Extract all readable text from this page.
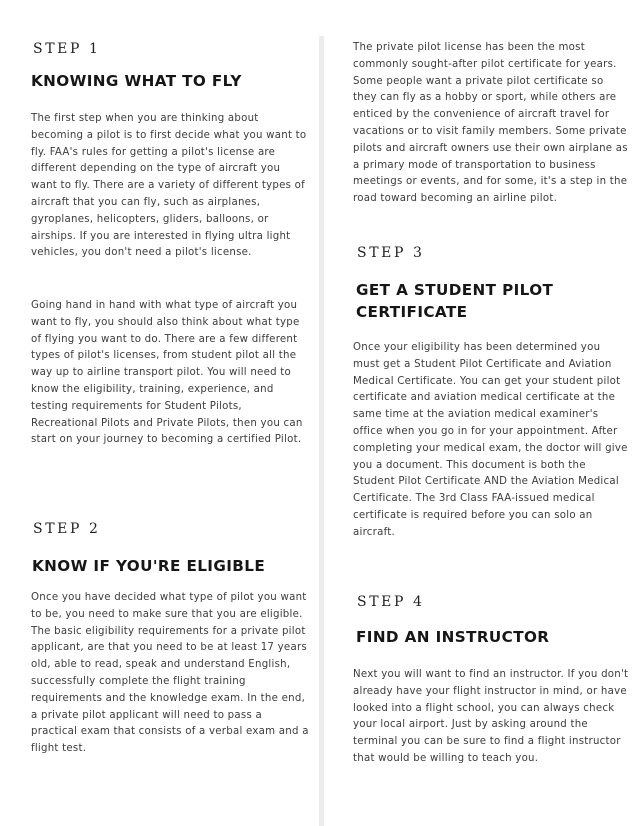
STEP 1
KNOWING WHAT TO FLY

The first step when you are thinking about becoming a pilot is to first decide what you want to fly. FAA's rules for getting a pilot's license are different depending on the type of aircraft you want to fly. There are a variety of different types of aircraft that you can fly, such as airplanes, gyroplanes, helicopters, gliders, balloons, or airships. If you are interested in flying ultra light vehicles, you don't need a pilot's license.

Going hand in hand with what type of aircraft you want to fly, you should also think about what type of flying you want to do. There are a few different types of pilot's licenses, from student pilot all the way up to airline transport pilot. You will need to know the eligibility, training, experience, and testing requirements for Student Pilots, Recreational Pilots and Private Pilots, then you can start on your journey to becoming a certified Pilot.

STEP 2
KNOW IF YOU'RE ELIGIBLE

Once you have decided what type of pilot you want to be, you need to make sure that you are eligible. The basic eligibility requirements for a private pilot applicant, are that you need to be at least 17 years old, able to read, speak and understand English, successfully complete the flight training requirements and the knowledge exam. In the end, a private pilot applicant will need to pass a practical exam that consists of a verbal exam and a flight test.

The private pilot license has been the most commonly sought-after pilot certificate for years. Some people want a private pilot certificate so they can fly as a hobby or sport, while others are enticed by the convenience of aircraft travel for vacations or to visit family members. Some private pilots and aircraft owners use their own airplane as a primary mode of transportation to business meetings or events, and for some, it's a step in the road toward becoming an airline pilot.

STEP 3
GET A STUDENT PILOT CERTIFICATE

Once your eligibility has been determined you must get a Student Pilot Certificate and Aviation Medical Certificate. You can get your student pilot certificate and aviation medical certificate at the same time at the aviation medical examiner's office when you go in for your appointment. After completing your medical exam, the doctor will give you a document. This document is both the Student Pilot Certificate AND the Aviation Medical Certificate. The 3rd Class FAA-issued medical certificate is required before you can solo an aircraft.

STEP 4
FIND AN INSTRUCTOR

Next you will want to find an instructor. If you don't already have your flight instructor in mind, or have looked into a flight school, you can always check your local airport. Just by asking around the terminal you can be sure to find a flight instructor that would be willing to teach you.
